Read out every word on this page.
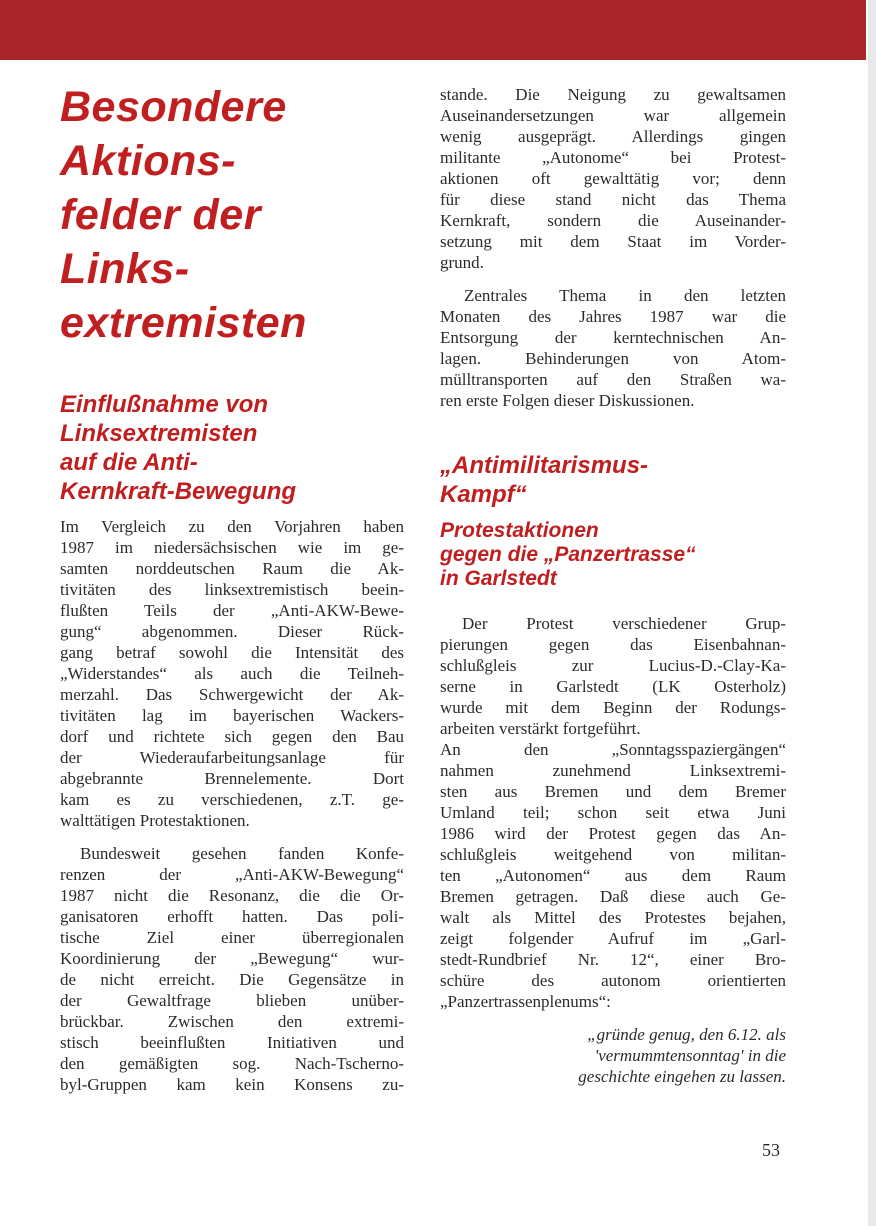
Besondere
Aktions-
felder der
Links-
extremisten
Einflußnahme von
Linksextremisten
auf die Anti-
Kernkraft-Bewegung

Im Vergleich zu den Vorjahren haben
1987 im niedersächsischen wie im ge-
samten norddeutschen Raum die Ak-
tivitäten des linksextremistisch beein-
flußten Teils der „Anti-AKW-Bewe-
gung“ abgenommen. Dieser Rück-
gang betraf sowohl die Intensität des
„Widerstandes“ als auch die Teilneh-
merzahl. Das Schwergewicht der Ak-
tivitäten lag im bayerischen Wackers-
dorf und richtete sich gegen den Bau
der Wiederaufarbeitungsanlage für
abgebrannte Brennelemente. Dort
kam es zu verschiedenen, z.T. ge-
walttätigen Protestaktionen.

Bundesweit gesehen fanden Konfe-
renzen der „Anti-AKW-Bewegung“
1987 nicht die Resonanz, die die Or-
ganisatoren erhofft hatten. Das poli-
tische Ziel einer überregionalen
Koordinierung der „Bewegung“ wur-
de nicht erreicht. Die Gegensätze in
der Gewaltfrage blieben unüber-
brückbar. Zwischen den extremi-
stisch beeinflußten Initiativen und
den gemäßigten sog. Nach-Tscherno-
byl-Gruppen kam kein Konsens zu-

stande. Die Neigung zu gewaltsamen
Auseinandersetzungen war allgemein
wenig ausgeprägt. Allerdings gingen
militante „Autonome“ bei Protest-
aktionen oft gewalttätig vor; denn
für diese stand nicht das Thema
Kernkraft, sondern die Auseinander-
setzung mit dem Staat im Vorder-
grund.

Zentrales Thema in den letzten
Monaten des Jahres 1987 war die
Entsorgung der kerntechnischen An-
lagen. Behinderungen von Atom-
mülltransporten auf den Straßen wa-
ren erste Folgen dieser Diskussionen.

„Antimilitarismus-
Kampf“
Protestaktionen
gegen die „Panzertrasse“
in Garlstedt

Der Protest verschiedener Grup-
pierungen gegen das Eisenbahnan-
schlußgleis zur Lucius-D.-Clay-Ka-
serne in Garlstedt (LK Osterholz)
wurde mit dem Beginn der Rodungs-
arbeiten verstärkt fortgeführt.
An den „Sonntagsspaziergängen“
nahmen zunehmend Linksextremi-
sten aus Bremen und dem Bremer
Umland teil; schon seit etwa Juni
1986 wird der Protest gegen das An-
schlußgleis weitgehend von militan-
ten „Autonomen“ aus dem Raum
Bremen getragen. Daß diese auch Ge-
walt als Mittel des Protestes bejahen,
zeigt folgender Aufruf im „Garl-
stedt-Rundbrief Nr. 12“, einer Bro-
schüre des autonom orientierten
„Panzertrassenplenums“:

„gründe genug, den 6.12. als
'vermummtensonntag' in die
geschichte eingehen zu lassen.

53
